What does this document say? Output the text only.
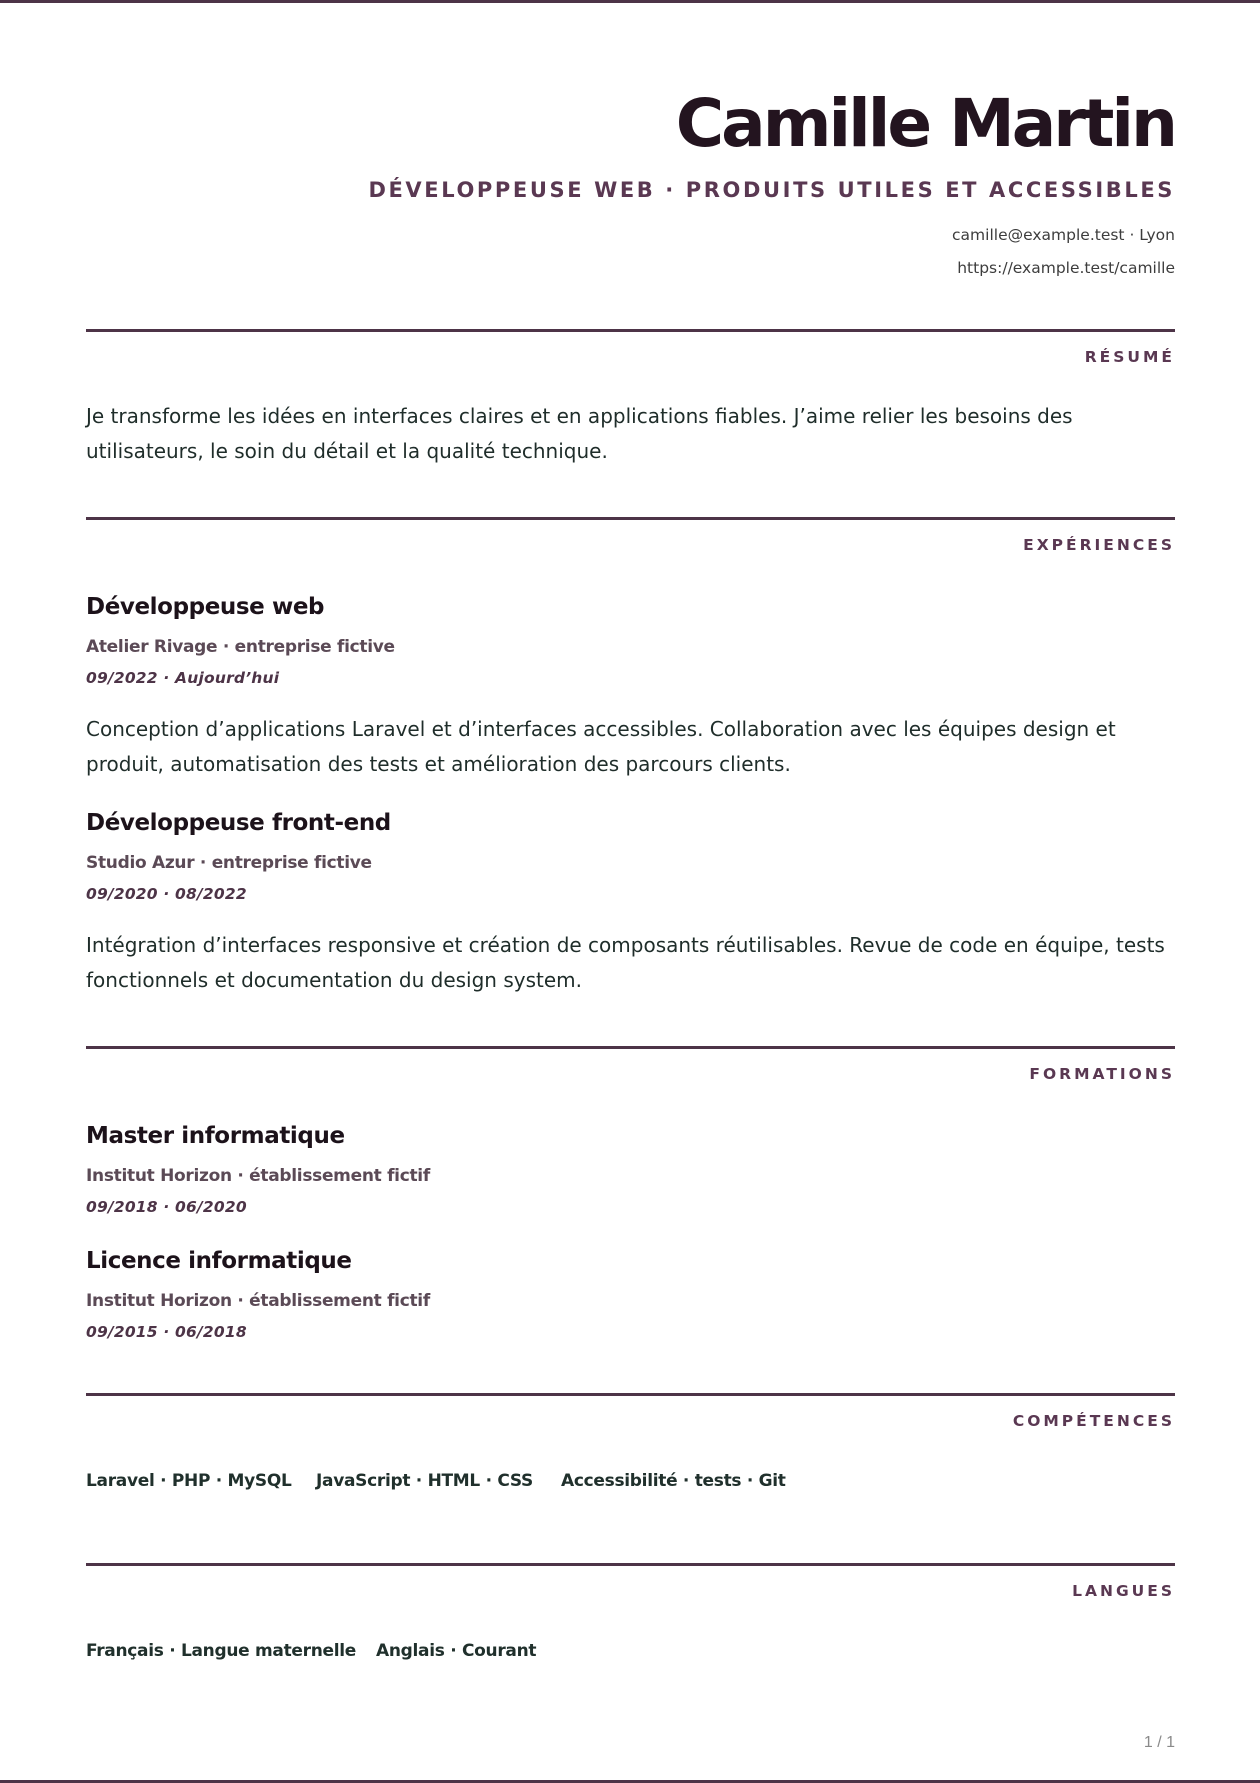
Camille Martin
DÉVELOPPEUSE WEB · PRODUITS UTILES ET ACCESSIBLES
camille@example.test · Lyon
https://example.test/camille
RÉSUMÉ
Je transforme les idées en interfaces claires et en applications fiables. J’aime relier les besoins des utilisateurs, le soin du détail et la qualité technique.
EXPÉRIENCES
Développeuse web
Atelier Rivage · entreprise fictive
09/2022 · Aujourd’hui
Conception d’applications Laravel et d’interfaces accessibles. Collaboration avec les équipes design et produit, automatisation des tests et amélioration des parcours clients.
Développeuse front-end
Studio Azur · entreprise fictive
09/2020 · 08/2022
Intégration d’interfaces responsive et création de composants réutilisables. Revue de code en équipe, tests fonctionnels et documentation du design system.
FORMATIONS
Master informatique
Institut Horizon · établissement fictif
09/2018 · 06/2020
Licence informatique
Institut Horizon · établissement fictif
09/2015 · 06/2018
COMPÉTENCES
Laravel · PHP · MySQL JavaScript · HTML · CSS Accessibilité · tests · Git
LANGUES
Français · Langue maternelle Anglais · Courant
1 / 1
